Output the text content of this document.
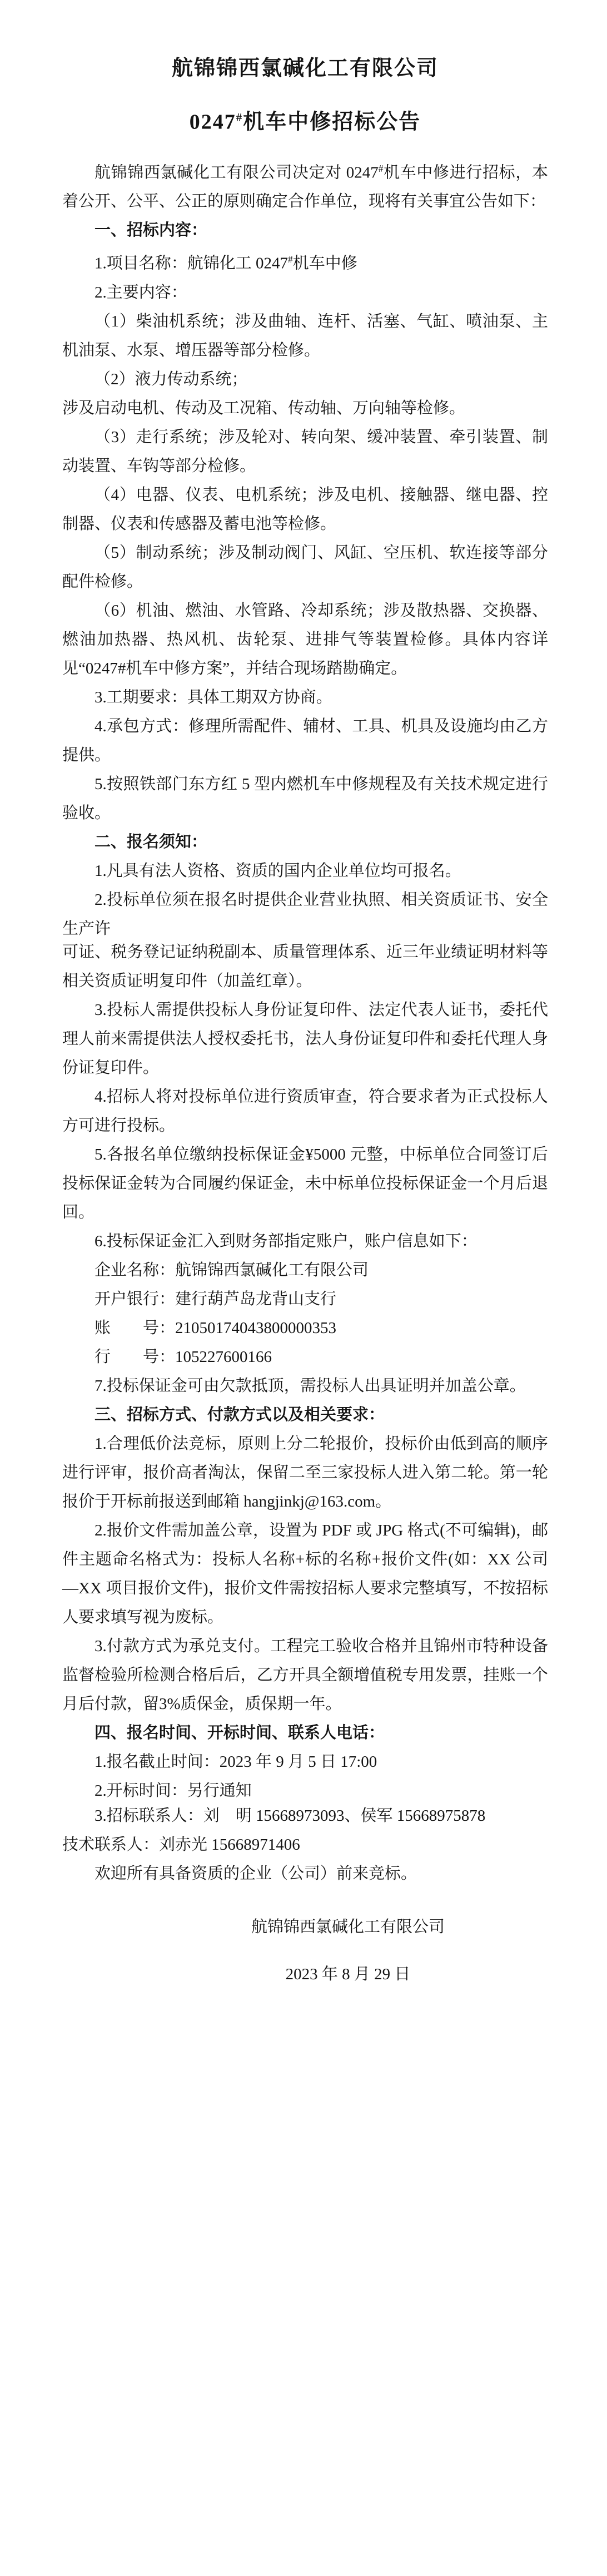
航锦锦西氯碱化工有限公司
0247#机车中修招标公告

航锦锦西氯碱化工有限公司决定对 0247#机车中修进行招标，本着公开、公平、公正的原则确定合作单位，现将有关事宜公告如下：

一、招标内容：

1.项目名称：航锦化工 0247#机车中修

2.主要内容：

（1）柴油机系统；涉及曲轴、连杆、活塞、气缸、喷油泵、主机油泵、水泵、增压器等部分检修。

（2）液力传动系统；

涉及启动电机、传动及工况箱、传动轴、万向轴等检修。

（3）走行系统；涉及轮对、转向架、缓冲装置、牵引装置、制动装置、车钩等部分检修。

（4）电器、仪表、电机系统；涉及电机、接触器、继电器、控制器、仪表和传感器及蓄电池等检修。

（5）制动系统；涉及制动阀门、风缸、空压机、软连接等部分配件检修。

（6）机油、燃油、水管路、冷却系统；涉及散热器、交换器、燃油加热器、热风机、齿轮泵、进排气等装置检修。具体内容详见“0247#机车中修方案”，并结合现场踏勘确定。

3.工期要求：具体工期双方协商。

4.承包方式：修理所需配件、辅材、工具、机具及设施均由乙方提供。

5.按照铁部门东方红 5 型内燃机车中修规程及有关技术规定进行验收。

二、报名须知：

1.凡具有法人资格、资质的国内企业单位均可报名。

2.投标单位须在报名时提供企业营业执照、相关资质证书、安全生产许

可证、税务登记证纳税副本、质量管理体系、近三年业绩证明材料等相关资质证明复印件（加盖红章）。

3.投标人需提供投标人身份证复印件、法定代表人证书，委托代理人前来需提供法人授权委托书，法人身份证复印件和委托代理人身份证复印件。

4.招标人将对投标单位进行资质审查，符合要求者为正式投标人方可进行投标。

5.各报名单位缴纳投标保证金¥5000 元整，中标单位合同签订后投标保证金转为合同履约保证金，未中标单位投标保证金一个月后退回。

6.投标保证金汇入到财务部指定账户，账户信息如下：

企业名称：航锦锦西氯碱化工有限公司

开户银行：建行葫芦岛龙背山支行

账　　号：21050174043800000353

行　　号：105227600166

7.投标保证金可由欠款抵顶，需投标人出具证明并加盖公章。

三、招标方式、付款方式以及相关要求：

1.合理低价法竞标，原则上分二轮报价，投标价由低到高的顺序进行评审，报价高者淘汰，保留二至三家投标人进入第二轮。第一轮报价于开标前报送到邮箱 hangjinkj@163.com。

2.报价文件需加盖公章，设置为 PDF 或 JPG 格式(不可编辑)，邮件主题命名格式为：投标人名称+标的名称+报价文件(如：XX 公司—XX 项目报价文件)，报价文件需按招标人要求完整填写，不按招标人要求填写视为废标。

3.付款方式为承兑支付。工程完工验收合格并且锦州市特种设备监督检验所检测合格后后，乙方开具全额增值税专用发票，挂账一个月后付款，留3%质保金，质保期一年。

四、报名时间、开标时间、联系人电话：

1.报名截止时间：2023 年 9 月 5 日 17:00

2.开标时间：另行通知

3.招标联系人：刘　明 15668973093、侯军 15668975878

技术联系人：刘赤光 15668971406

欢迎所有具备资质的企业（公司）前来竞标。

航锦锦西氯碱化工有限公司
2023 年 8 月 29 日
